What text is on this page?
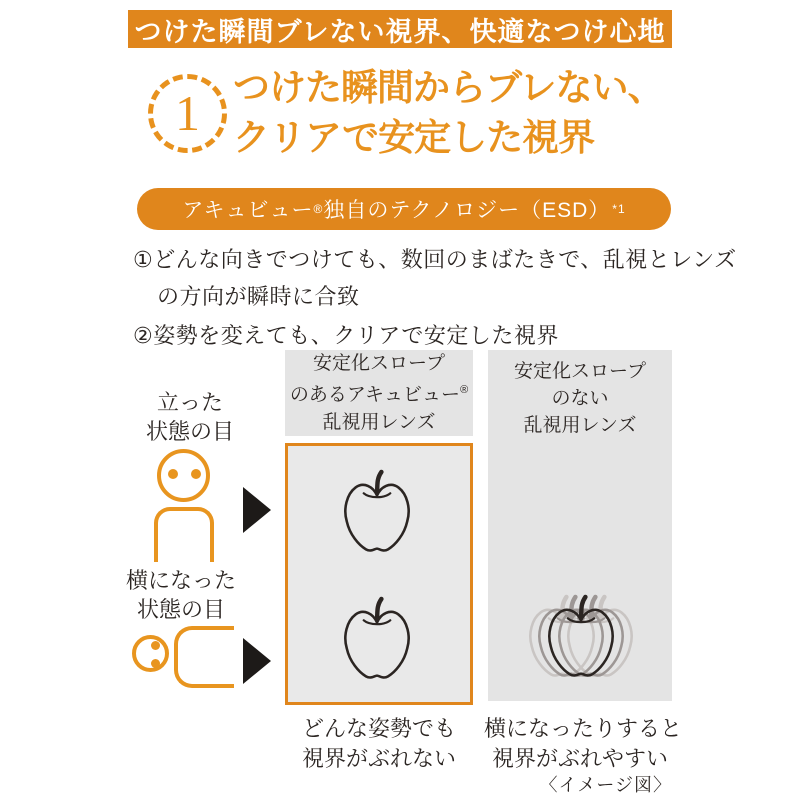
つけた瞬間ブレない視界、快適なつけ心地
1 つけた瞬間からブレない、
クリアで安定した視界
アキュビュー ® 独自のテクノロジー（ESD） *1
①どんな向きでつけても、数回のまばたきで、乱視とレンズ
の方向が瞬時に合致
②姿勢を変えても、クリアで安定した視界
立った
状態の目
横になった
状態の目
安定化スロープ
のあるアキュビュー®
乱視用レンズ
安定化スロープ
のない
乱視用レンズ
どんな姿勢でも
視界がぶれない
横になったりすると
視界がぶれやすい
〈イメージ図〉
